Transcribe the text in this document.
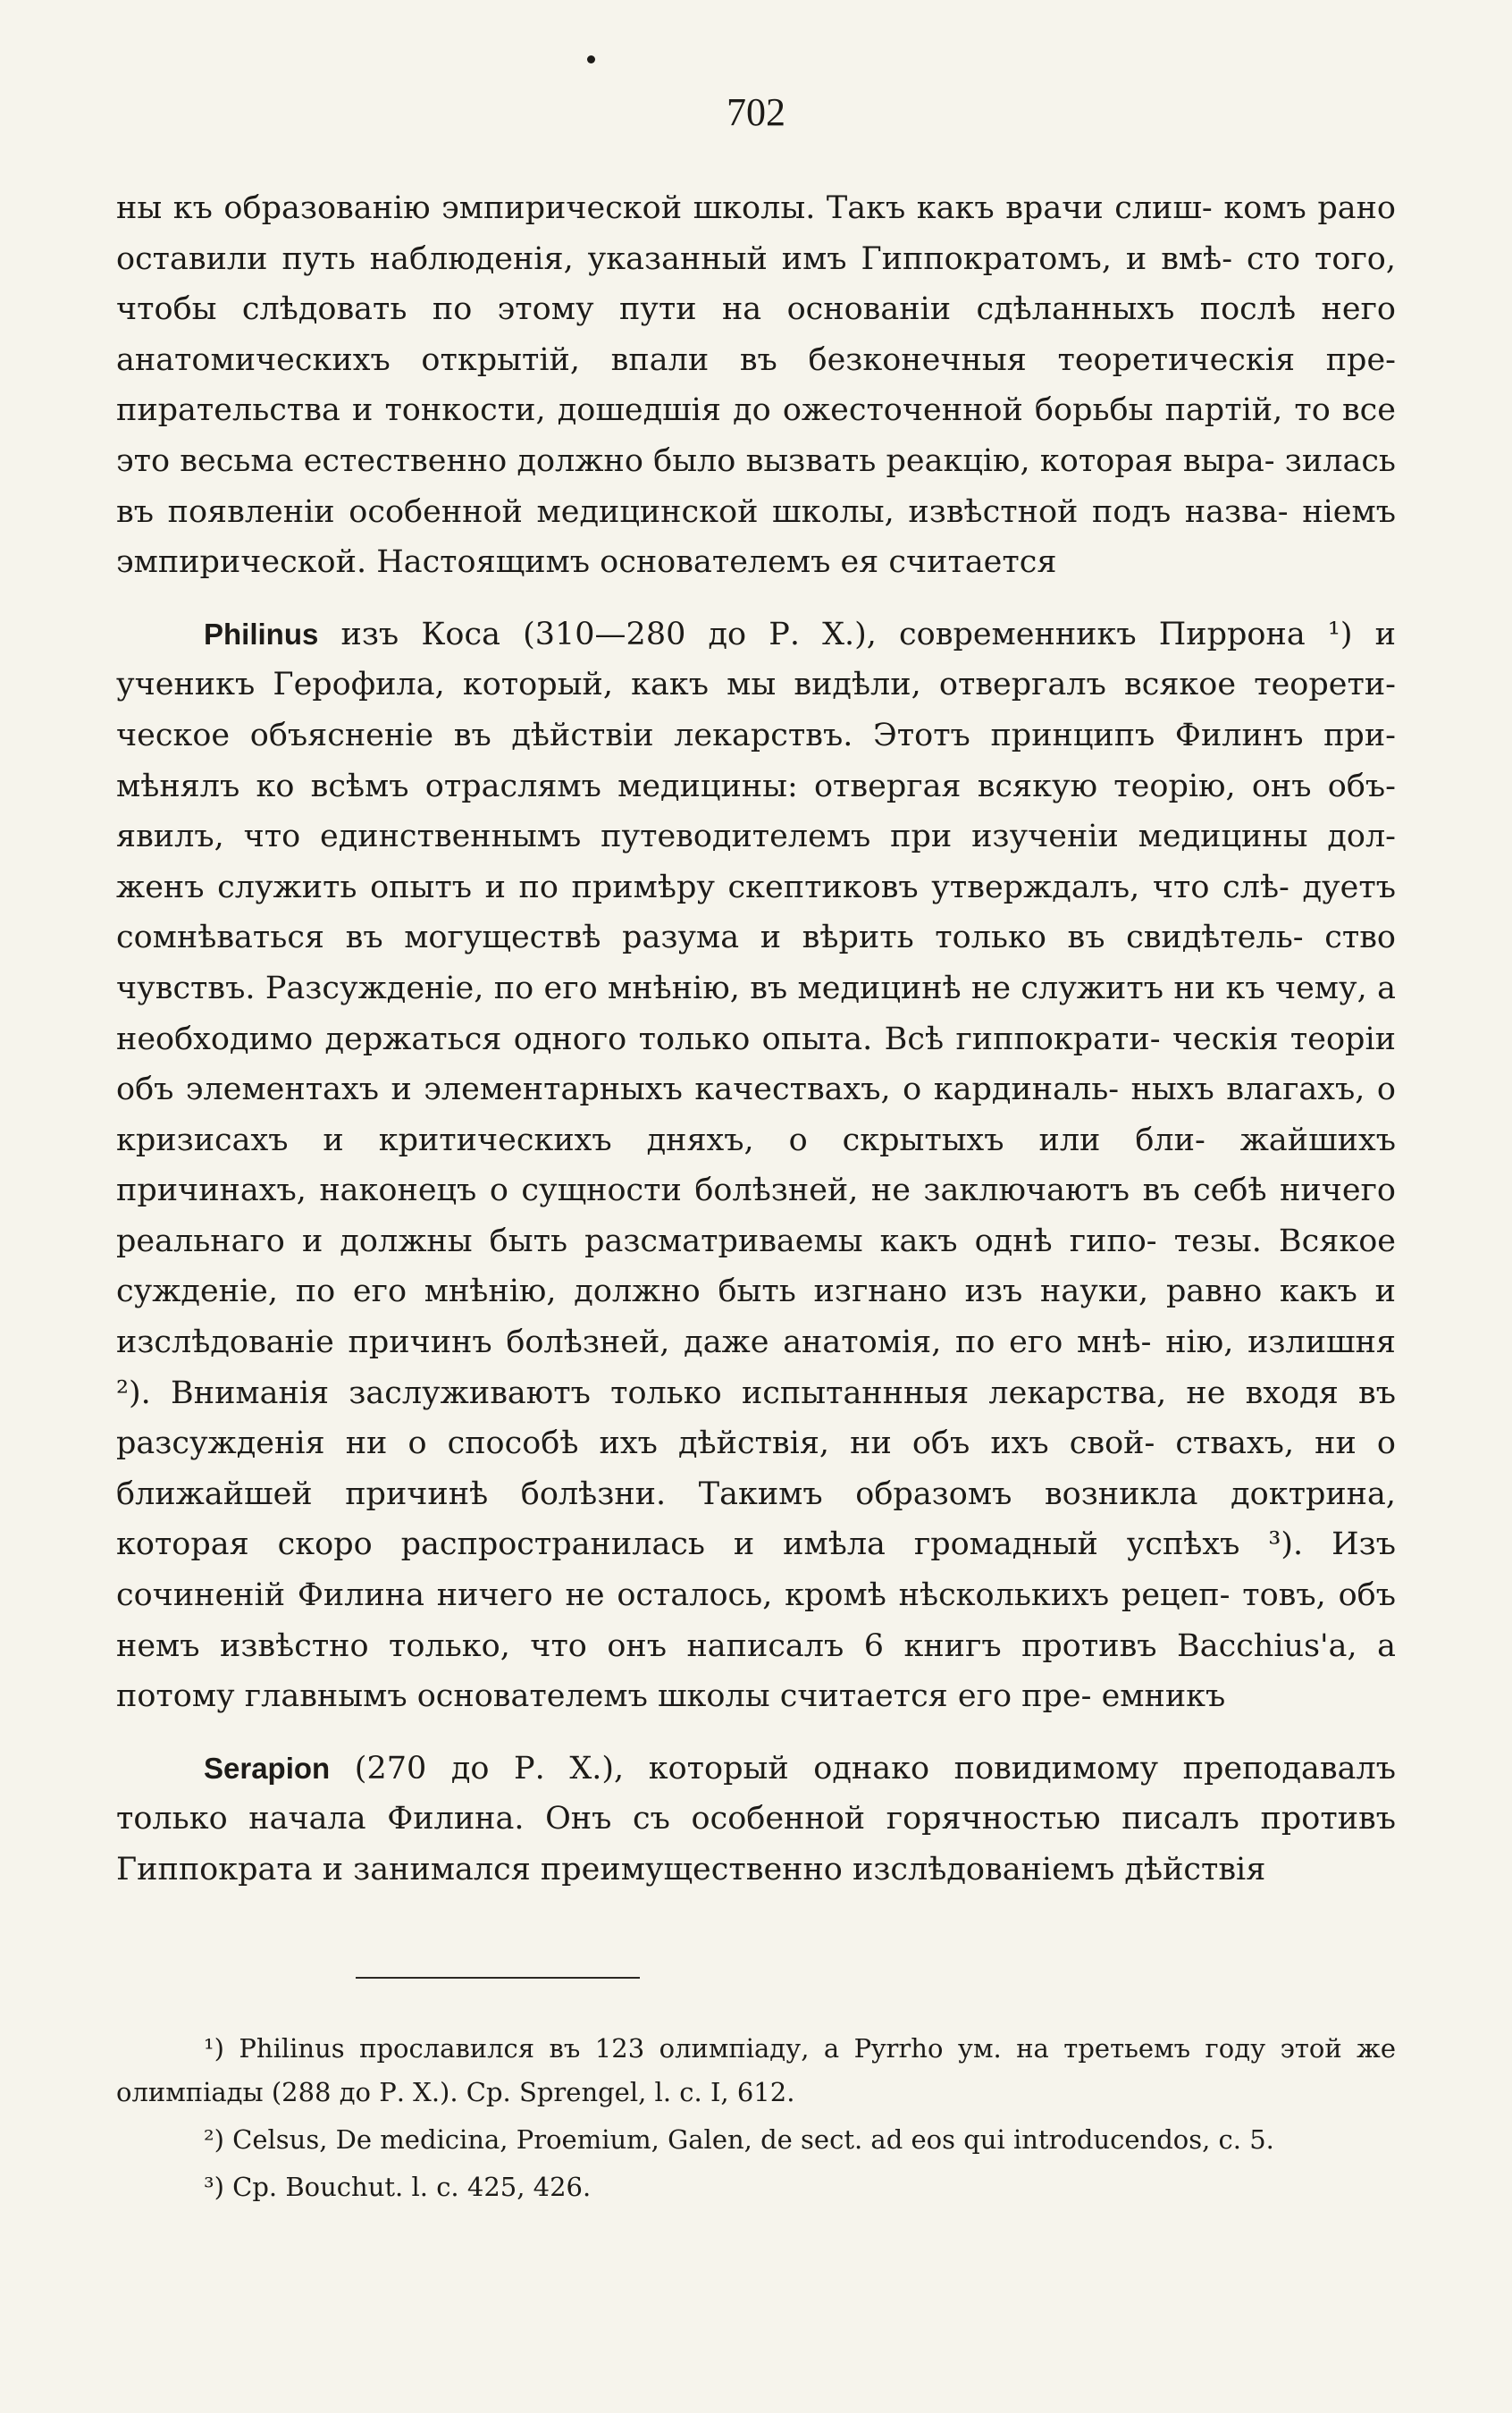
702

ны къ образованію эмпирической школы. Такъ какъ врачи слиш- комъ рано оставили путь наблюденія, указанный имъ Гиппократомъ, и вмѣ- сто того, чтобы слѣдовать по этому пути на основаніи сдѣланныхъ послѣ него анатомическихъ открытій, впали въ безконечныя теоретическія пре- пирательства и тонкости, дошедшія до ожесточенной борьбы партій, то все это весьма естественно должно было вызвать реакцію, которая выра- зилась въ появленіи особенной медицинской школы, извѣстной подъ назва- ніемъ эмпирической. Настоящимъ основателемъ ея считается

Philinus изъ Коса (310—280 до Р. Х.), современникъ Пиррона ¹) и ученикъ Герофила, который, какъ мы видѣли, отвергалъ всякое теорети- ческое объясненіе въ дѣйствіи лекарствъ. Этотъ принципъ Филинъ при- мѣнялъ ко всѣмъ отраслямъ медицины: отвергая всякую теорію, онъ объ- явилъ, что единственнымъ путеводителемъ при изученіи медицины дол- женъ служить опытъ и по примѣру скептиковъ утверждалъ, что слѣ- дуетъ сомнѣваться въ могуществѣ разума и вѣрить только въ свидѣтель- ство чувствъ. Разсужденіе, по его мнѣнію, въ медицинѣ не служитъ ни къ чему, а необходимо держаться одного только опыта. Всѣ гиппократи- ческія теоріи объ элементахъ и элементарныхъ качествахъ, о кардиналь- ныхъ влагахъ, о кризисахъ и критическихъ дняхъ, о скрытыхъ или бли- жайшихъ причинахъ, наконецъ о сущности болѣзней, не заключаютъ въ себѣ ничего реальнаго и должны быть разсматриваемы какъ однѣ гипо- тезы. Всякое сужденіе, по его мнѣнію, должно быть изгнано изъ науки, равно какъ и изслѣдованіе причинъ болѣзней, даже анатомія, по его мнѣ- нію, излишня ²). Вниманія заслуживаютъ только испытаннныя лекарства, не входя въ разсужденія ни о способѣ ихъ дѣйствія, ни объ ихъ свой- ствахъ, ни о ближайшей причинѣ болѣзни. Такимъ образомъ возникла доктрина, которая скоро распространилась и имѣла громадный успѣхъ ³). Изъ сочиненій Филина ничего не осталось, кромѣ нѣсколькихъ рецеп- товъ, объ немъ извѣстно только, что онъ написалъ 6 книгъ противъ Bacchius'a, а потому главнымъ основателемъ школы считается его пре- емникъ

Serapion (270 до Р. Х.), который однако повидимому преподавалъ только начала Филина. Онъ съ особенной горячностью писалъ противъ Гиппократа и занимался преимущественно изслѣдованіемъ дѣйствія

¹) Philinus прославился въ 123 олимпіаду, а Pyrrho ум. на третьемъ году этой же олимпіады (288 до Р. Х.). Ср. Sprengel, l. c. I, 612.

²) Celsus, De medicina, Proemium, Galen, de sect. ad eos qui introducendos, c. 5.

³) Ср. Bouchut. l. c. 425, 426.
